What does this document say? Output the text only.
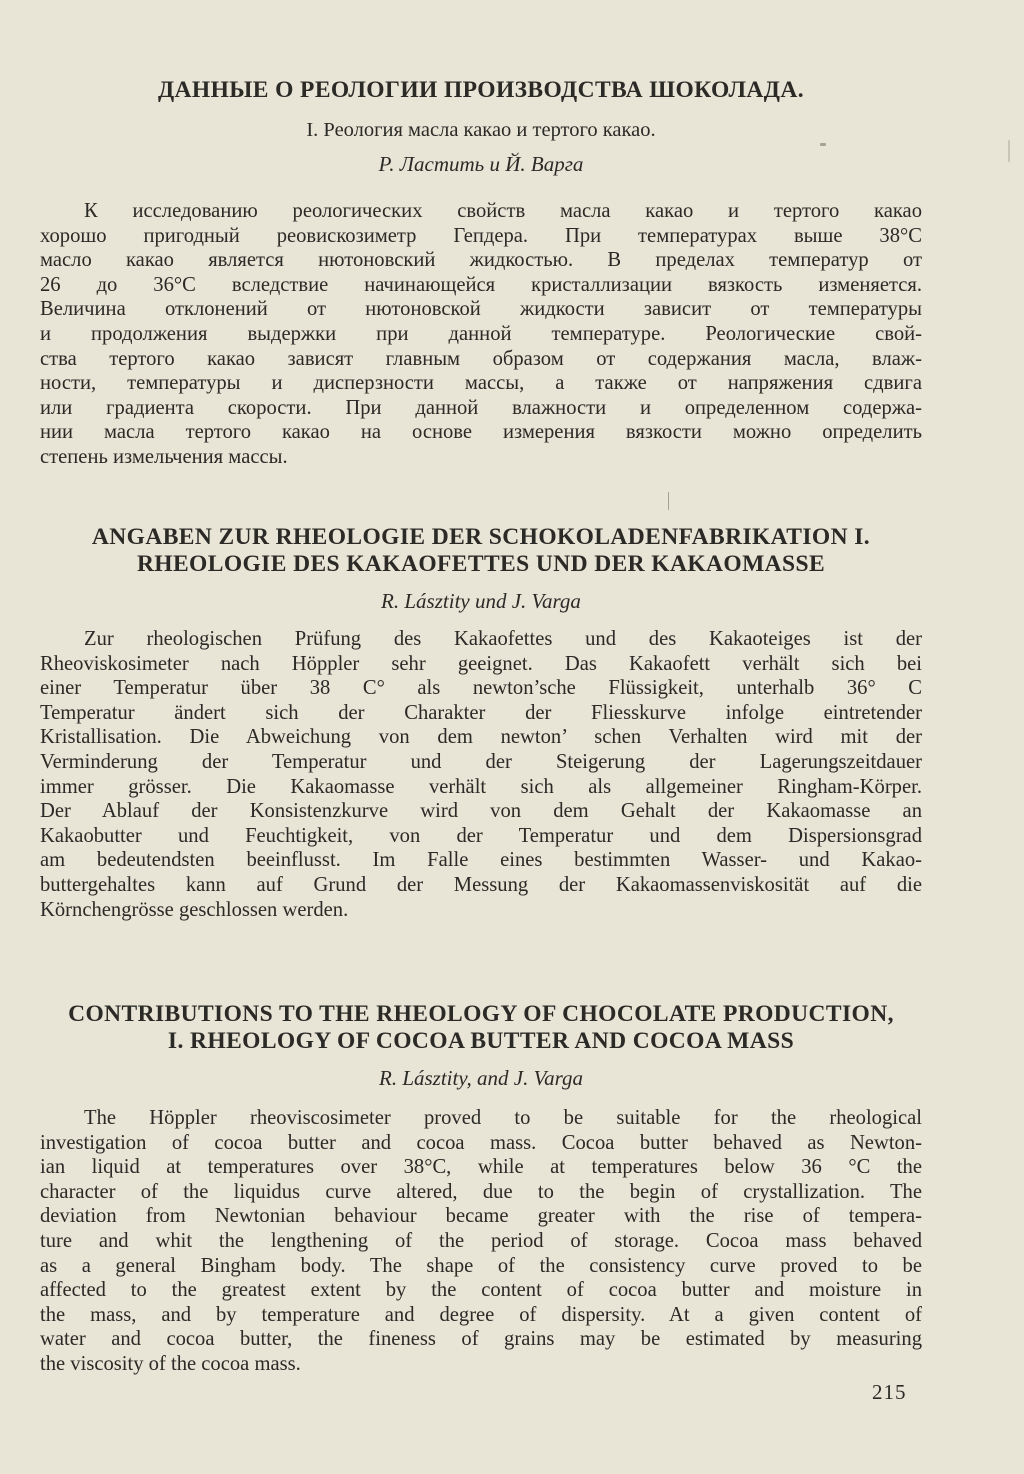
ДАННЫЕ О РЕОЛОГИИ ПРОИЗВОДСТВА ШОКОЛАДА.

I. Реология масла какао и тертого какао.

Р. Ластить и Й. Варга

К исследованию реологических свойств масла какао и тертого какао
хорошо пригодный реовискозиметр Гепдера. При температурах выше 38°С
масло какао является нютоновский жидкостью. В пределах температур от
26 до 36°С вследствие начинающейся кристаллизации вязкость изменяется.
Величина отклонений от нютоновской жидкости зависит от температуры
и продолжения выдержки при данной температуре. Реологические свой-
ства тертого какао зависят главным образом от содержания масла, влаж-
ности, температуры и дисперзности массы, а также от напряжения сдвига
или градиента скорости. При данной влажности и определенном содержа-
нии масла тертого какао на основе измерения вязкости можно определить
степень измельчения массы.
ANGABEN ZUR RHEOLOGIE DER SCHOKOLADENFABRIKATION I.
RHEOLOGIE DES KAKAOFETTES UND DER KAKAOMASSE

R. Lásztity und J. Varga

Zur rheologischen Prüfung des Kakaofettes und des Kakaoteiges ist der
Rheoviskosimeter nach Höppler sehr geeignet. Das Kakaofett verhält sich bei
einer Temperatur über 38 C° als newton’sche Flüssigkeit, unterhalb 36° C
Temperatur ändert sich der Charakter der Fliesskurve infolge eintretender
Kristallisation. Die Abweichung von dem newton’ schen Verhalten wird mit der
Verminderung der Temperatur und der Steigerung der Lagerungszeitdauer
immer grösser. Die Kakaomasse verhält sich als allgemeiner Ringham-Körper.
Der Ablauf der Konsistenzkurve wird von dem Gehalt der Kakaomasse an
Kakaobutter und Feuchtigkeit, von der Temperatur und dem Dispersionsgrad
am bedeutendsten beeinflusst. Im Falle eines bestimmten Wasser- und Kakao-
buttergehaltes kann auf Grund der Messung der Kakaomassenviskosität auf die
Körnchengrösse geschlossen werden.
CONTRIBUTIONS TO THE RHEOLOGY OF CHOCOLATE PRODUCTION,
I. RHEOLOGY OF COCOA BUTTER AND COCOA MASS

R. Lásztity, and J. Varga

The Höppler rheoviscosimeter proved to be suitable for the rheological
investigation of cocoa butter and cocoa mass. Cocoa butter behaved as Newton-
ian liquid at temperatures over 38°C, while at temperatures below 36 °C the
character of the liquidus curve altered, due to the begin of crystallization. The
deviation from Newtonian behaviour became greater with the rise of tempera-
ture and whit the lengthening of the period of storage. Cocoa mass behaved
as a general Bingham body. The shape of the consistency curve proved to be
affected to the greatest extent by the content of cocoa butter and moisture in
the mass, and by temperature and degree of dispersity. At a given content of
water and cocoa butter, the fineness of grains may be estimated by measuring
the viscosity of the cocoa mass.
215
